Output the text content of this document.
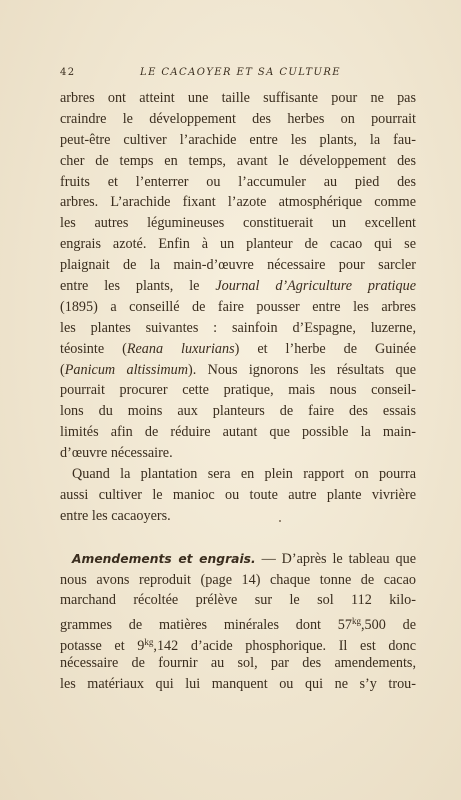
42	LE CACAOYER ET SA CULTURE
arbres ont atteint une taille suffisante pour ne pas
craindre le développement des herbes on pourrait
peut-être cultiver l’arachide entre les plants, la fau-
cher de temps en temps, avant le développement des
fruits et l’enterrer ou l’accumuler au pied des
arbres. L’arachide fixant l’azote atmosphérique comme
les autres légumineuses constituerait un excellent
engrais azoté. Enfin à un planteur de cacao qui se
plaignait de la main-d’œuvre nécessaire pour sarcler
entre les plants, le Journal d’Agriculture pratique
(1895) a conseillé de faire pousser entre les arbres
les plantes suivantes : sainfoin d’Espagne, luzerne,
téosinte (Reana luxurians) et l’herbe de Guinée
(Panicum altissimum). Nous ignorons les résultats que
pourrait procurer cette pratique, mais nous conseil-
lons du moins aux planteurs de faire des essais
limités afin de réduire autant que possible la main-
d’œuvre nécessaire.
Quand la plantation sera en plein rapport on pourra
aussi cultiver le manioc ou toute autre plante vivrière
entre les cacaoyers.
Amendements et engrais. — D’après le tableau que
nous avons reproduit (page 14) chaque tonne de cacao
marchand récoltée prélève sur le sol 112 kilo-
grammes de matières minérales dont $57^{kg},500$ de
potasse et $9^{kg},142$ d’acide phosphorique. Il est donc
nécessaire de fournir au sol, par des amendements,
les matériaux qui lui manquent ou qui ne s’y trou-
